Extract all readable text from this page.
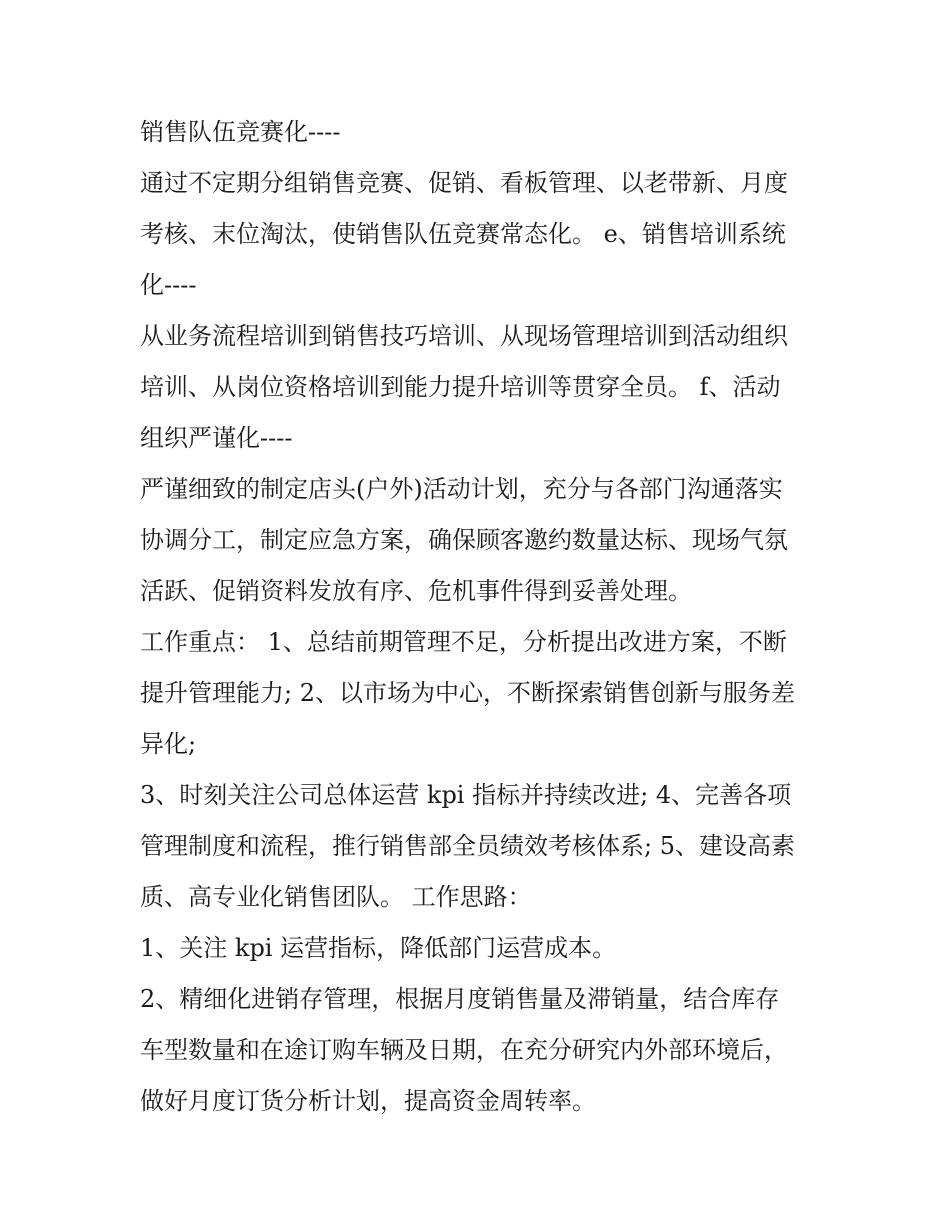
销售队伍竞赛化----

通过不定期分组销售竞赛、促销、看板管理、以老带新、月度

考核、末位淘汰，使销售队伍竞赛常态化。 e、销售培训系统

化----

从业务流程培训到销售技巧培训、从现场管理培训到活动组织

培训、从岗位资格培训到能力提升培训等贯穿全员。 f、活动

组织严谨化----

严谨细致的制定店头(户外)活动计划，充分与各部门沟通落实

协调分工，制定应急方案，确保顾客邀约数量达标、现场气氛

活跃、促销资料发放有序、危机事件得到妥善处理。

工作重点： 1、总结前期管理不足，分析提出改进方案，不断

提升管理能力; 2、以市场为中心，不断探索销售创新与服务差

异化;

3、时刻关注公司总体运营 kpi 指标并持续改进; 4、完善各项

管理制度和流程，推行销售部全员绩效考核体系; 5、建设高素

质、高专业化销售团队。 工作思路：

1、关注 kpi 运营指标，降低部门运营成本。

2、精细化进销存管理，根据月度销售量及滞销量，结合库存

车型数量和在途订购车辆及日期，在充分研究内外部环境后，

做好月度订货分析计划，提高资金周转率。
